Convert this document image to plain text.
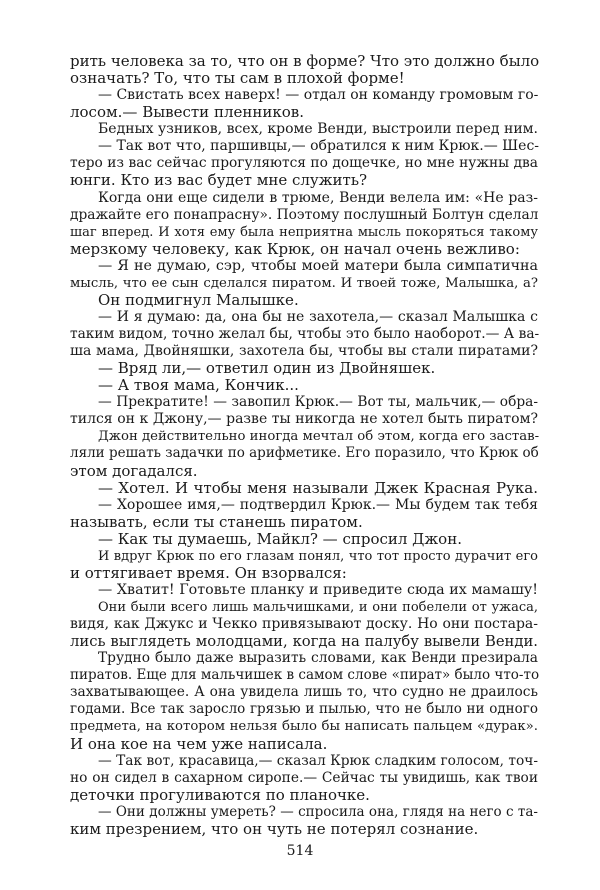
рить человека за то, что он в форме? Что это должно было
означать? То, что ты сам в плохой форме!
— Свистать всех наверх! — отдал он команду громовым го-
лосом.— Вывести пленников.
Бедных узников, всех, кроме Венди, выстроили перед ним.
— Так вот что, паршивцы,— обратился к ним Крюк.— Шес-
теро из вас сейчас прогуляются по дощечке, но мне нужны два
юнги. Кто из вас будет мне служить?
Когда они еще сидели в трюме, Венди велела им: «Не раз-
дражайте его понапрасну». Поэтому послушный Болтун сделал
шаг вперед. И хотя ему была неприятна мысль покоряться такому
мерзкому человеку, как Крюк, он начал очень вежливо:
— Я не думаю, сэр, чтобы моей матери была симпатична
мысль, что ее сын сделался пиратом. И твоей тоже, Малышка, а?
Он подмигнул Малышке.
— И я думаю: да, она бы не захотела,— сказал Малышка с
таким видом, точно желал бы, чтобы это было наоборот.— А ва-
ша мама, Двойняшки, захотела бы, чтобы вы стали пиратами?
— Вряд ли,— ответил один из Двойняшек.
— А твоя мама, Кончик...
— Прекратите! — завопил Крюк.— Вот ты, мальчик,— обра-
тился он к Джону,— разве ты никогда не хотел быть пиратом?
Джон действительно иногда мечтал об этом, когда его застав-
ляли решать задачки по арифметике. Его поразило, что Крюк об
этом догадался.
— Хотел. И чтобы меня называли Джек Красная Рука.
— Хорошее имя,— подтвердил Крюк.— Мы будем так тебя
называть, если ты станешь пиратом.
— Как ты думаешь, Майкл? — спросил Джон.
И вдруг Крюк по его глазам понял, что тот просто дурачит его
и оттягивает время. Он взорвался:
— Хватит! Готовьте планку и приведите сюда их мамашу!
Они были всего лишь мальчишками, и они побелели от ужаса,
видя, как Джукс и Чекко привязывают доску. Но они постара-
лись выглядеть молодцами, когда на палубу вывели Венди.
Трудно было даже выразить словами, как Венди презирала
пиратов. Еще для мальчишек в самом слове «пират» было что-то
захватывающее. А она увидела лишь то, что судно не драилось
годами. Все так заросло грязью и пылью, что не было ни одного
предмета, на котором нельзя было бы написать пальцем «дурак».
И она кое на чем уже написала.
— Так вот, красавица,— сказал Крюк сладким голосом, точ-
но он сидел в сахарном сиропе.— Сейчас ты увидишь, как твои
деточки прогуливаются по планочке.
— Они должны умереть? — спросила она, глядя на него с та-
ким презрением, что он чуть не потерял сознание.
514
